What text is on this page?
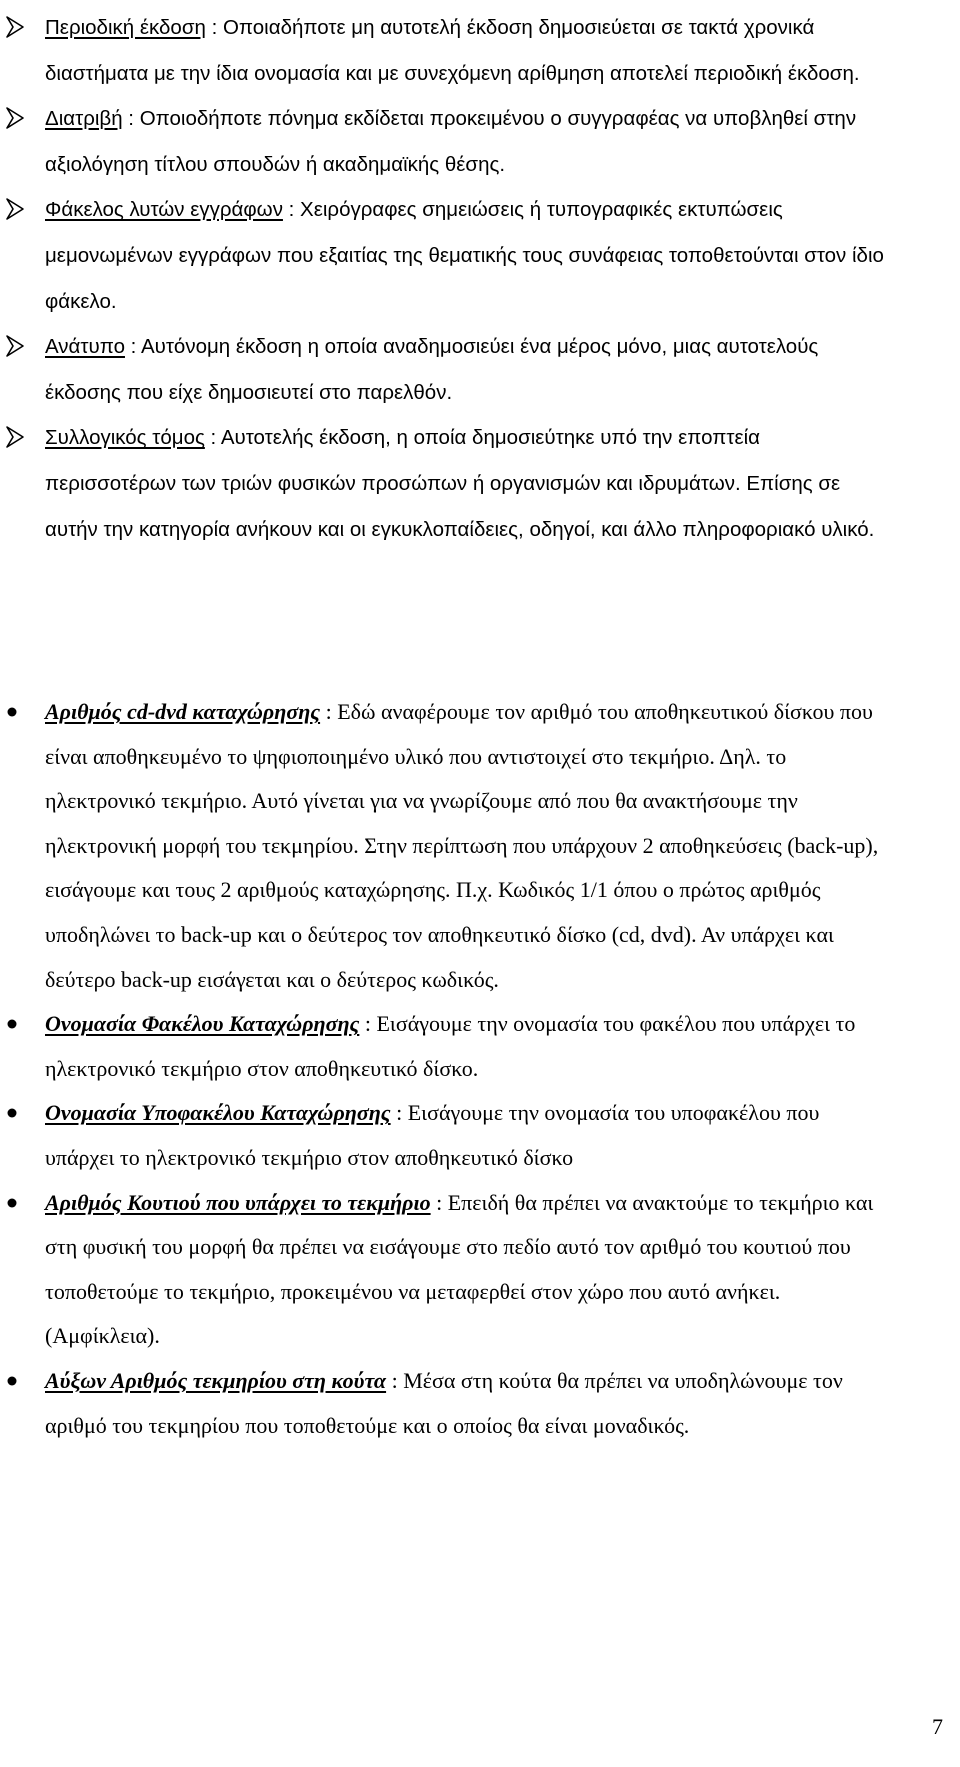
Περιοδική έκδοση : Οποιαδήποτε μη αυτοτελή έκδοση δημοσιεύεται σε τακτά χρονικά διαστήματα με την ίδια ονομασία και με συνεχόμενη αρίθμηση αποτελεί περιοδική έκδοση.
Διατριβή : Οποιοδήποτε πόνημα εκδίδεται προκειμένου ο συγγραφέας να υποβληθεί στην αξιολόγηση τίτλου σπουδών ή ακαδημαϊκής θέσης.
Φάκελος λυτών εγγράφων : Χειρόγραφες σημειώσεις ή τυπογραφικές εκτυπώσεις μεμονωμένων εγγράφων που εξαιτίας της θεματικής τους συνάφειας τοποθετούνται στον ίδιο φάκελο.
Ανάτυπο : Αυτόνομη έκδοση η οποία αναδημοσιεύει ένα μέρος μόνο, μιας αυτοτελούς έκδοσης που είχε δημοσιευτεί στο παρελθόν.
Συλλογικός τόμος : Αυτοτελής έκδοση, η οποία δημοσιεύτηκε υπό την εποπτεία περισσοτέρων των τριών φυσικών προσώπων ή οργανισμών και ιδρυμάτων. Επίσης σε αυτήν την κατηγορία ανήκουν και οι εγκυκλοπαίδειες, οδηγοί, και άλλο πληροφοριακό υλικό.
Αριθμός cd-dvd καταχώρησης : Εδώ αναφέρουμε τον αριθμό του αποθηκευτικού δίσκου που είναι αποθηκευμένο το ψηφιοποιημένο υλικό που αντιστοιχεί στο τεκμήριο. Δηλ. το ηλεκτρονικό τεκμήριο. Αυτό γίνεται για να γνωρίζουμε από που θα ανακτήσουμε την ηλεκτρονική μορφή του τεκμηρίου. Στην περίπτωση που υπάρχουν 2 αποθηκεύσεις (back-up), εισάγουμε και τους 2 αριθμούς καταχώρησης. Π.χ. Κωδικός 1/1 όπου ο πρώτος αριθμός υποδηλώνει το back-up και ο δεύτερος τον αποθηκευτικό δίσκο (cd, dvd). Αν υπάρχει και δεύτερο back-up εισάγεται και ο δεύτερος κωδικός.
Ονομασία Φακέλου Καταχώρησης : Εισάγουμε την ονομασία του φακέλου που υπάρχει το ηλεκτρονικό τεκμήριο στον αποθηκευτικό δίσκο.
Ονομασία Υποφακέλου Καταχώρησης : Εισάγουμε την ονομασία του υποφακέλου που υπάρχει το ηλεκτρονικό τεκμήριο στον αποθηκευτικό δίσκο
Αριθμός Κουτιού που υπάρχει το τεκμήριο : Επειδή θα πρέπει να ανακτούμε το τεκμήριο και στη φυσική του μορφή θα πρέπει να εισάγουμε στο πεδίο αυτό τον αριθμό του κουτιού που τοποθετούμε το τεκμήριο, προκειμένου να μεταφερθεί στον χώρο που αυτό ανήκει. (Αμφίκλεια).
Αύξων Αριθμός τεκμηρίου στη κούτα : Μέσα στη κούτα θα πρέπει να υποδηλώνουμε τον αριθμό του τεκμηρίου που τοποθετούμε και ο οποίος θα είναι μοναδικός.
7
